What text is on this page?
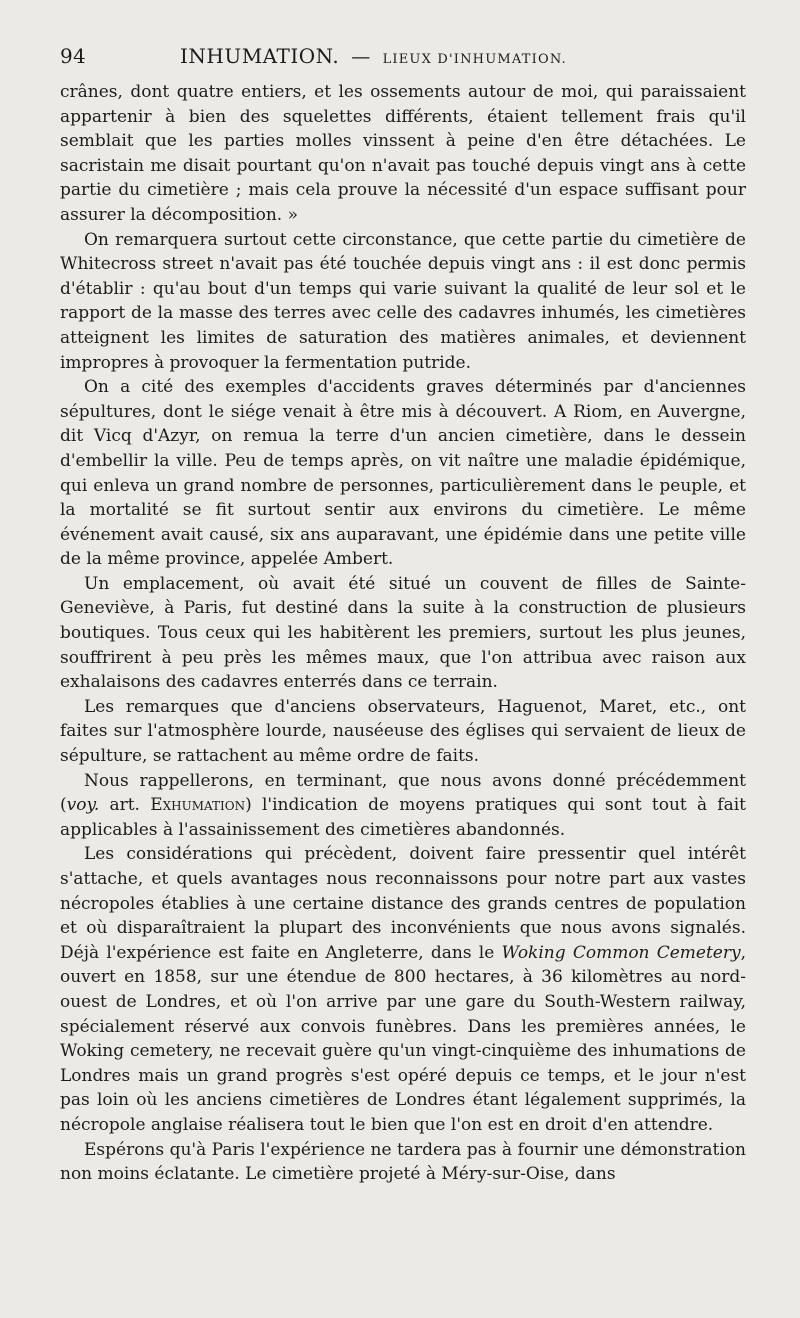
94	INHUMATION. — LIEUX D'INHUMATION.

crânes, dont quatre entiers, et les ossements autour de moi, qui paraissaient appartenir à bien des squelettes différents, étaient tellement frais qu'il semblait que les parties molles vinssent à peine d'en être détachées. Le sacristain me disait pourtant qu'on n'avait pas touché depuis vingt ans à cette partie du cimetière ; mais cela prouve la nécessité d'un espace suffisant pour assurer la décomposition. »

On remarquera surtout cette circonstance, que cette partie du cimetière de Whitecross street n'avait pas été touchée depuis vingt ans : il est donc permis d'établir : qu'au bout d'un temps qui varie suivant la qualité de leur sol et le rapport de la masse des terres avec celle des cadavres inhumés, les cimetières atteignent les limites de saturation des matières animales, et deviennent impropres à provoquer la fermentation putride.

On a cité des exemples d'accidents graves déterminés par d'anciennes sépultures, dont le siége venait à être mis à découvert. A Riom, en Auvergne, dit Vicq d'Azyr, on remua la terre d'un ancien cimetière, dans le dessein d'embellir la ville. Peu de temps après, on vit naître une maladie épidémique, qui enleva un grand nombre de personnes, particulièrement dans le peuple, et la mortalité se fit surtout sentir aux environs du cimetière. Le même événement avait causé, six ans auparavant, une épidémie dans une petite ville de la même province, appelée Ambert.

Un emplacement, où avait été situé un couvent de filles de Sainte-Geneviève, à Paris, fut destiné dans la suite à la construction de plusieurs boutiques. Tous ceux qui les habitèrent les premiers, surtout les plus jeunes, souffrirent à peu près les mêmes maux, que l'on attribua avec raison aux exhalaisons des cadavres enterrés dans ce terrain.

Les remarques que d'anciens observateurs, Haguenot, Maret, etc., ont faites sur l'atmosphère lourde, nauséeuse des églises qui servaient de lieux de sépulture, se rattachent au même ordre de faits.

Nous rappellerons, en terminant, que nous avons donné précédemment (voy. art. Exhumation) l'indication de moyens pratiques qui sont tout à fait applicables à l'assainissement des cimetières abandonnés.

Les considérations qui précèdent, doivent faire pressentir quel intérêt s'attache, et quels avantages nous reconnaissons pour notre part aux vastes nécropoles établies à une certaine distance des grands centres de population et où disparaîtraient la plupart des inconvénients que nous avons signalés. Déjà l'expérience est faite en Angleterre, dans le Woking Common Cemetery, ouvert en 1858, sur une étendue de 800 hectares, à 36 kilomètres au nord-ouest de Londres, et où l'on arrive par une gare du South-Western railway, spécialement réservé aux convois funèbres. Dans les premières années, le Woking cemetery, ne recevait guère qu'un vingt-cinquième des inhumations de Londres mais un grand progrès s'est opéré depuis ce temps, et le jour n'est pas loin où les anciens cimetières de Londres étant légalement supprimés, la nécropole anglaise réalisera tout le bien que l'on est en droit d'en attendre.

Espérons qu'à Paris l'expérience ne tardera pas à fournir une démonstration non moins éclatante. Le cimetière projeté à Méry-sur-Oise, dans
